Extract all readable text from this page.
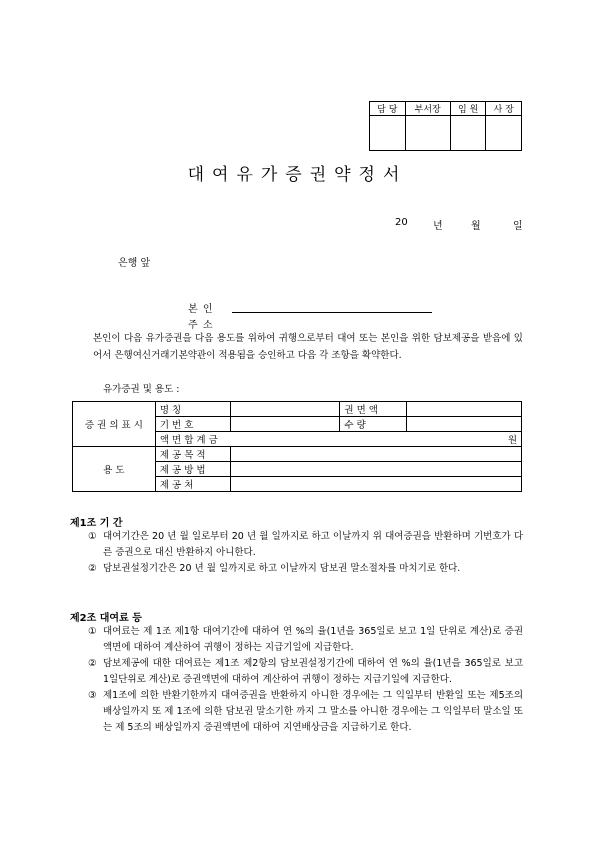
담 당	부서장	임 원	사 장

대여유가증권약정서
20	년	월	일
은행 앞
본 인
주 소
본인이 다음 유가증권을 다음 용도를 위하여 귀행으로부터 대여 또는 본인을 위한 담보제공을 받음에 있어서 은행여신거래기본약관이 적용됨을 승인하고 다음 각 조항을 확약한다.
유가증권 및 용도 :
증 권 의 표 시	명 칭		권 면 액	
	기 번 호		수 량	

	액 면 합 계 금 원			

용 도	제 공 목 적			
	제 공 방 법			
	제 공 처			
제1조 기 간
① 대여기간은 20 년 월 일로부터 20 년 월 일까지로 하고 이날까지 위 대여증권을 반환하며 기번호가 다른 증권으로 대신 반환하지 아니한다.
② 담보권설정기간은 20 년 월 일까지로 하고 이날까지 담보권 말소절차를 마치기로 한다.
제2조 대여료 등
① 대여료는 제 1조 제1항 대여기간에 대하여 연 %의 율(1년을 365일로 보고 1일 단위로 계산)로 증권액면에 대하여 계산하여 귀행이 정하는 지급기일에 지급한다.
② 담보제공에 대한 대여료는 제1조 제2항의 담보권설정기간에 대하여 연 %의 율(1년을 365일로 보고 1일단위로 계산)로 증권액면에 대하여 계산하여 귀행이 정하는 지급기일에 지급한다.
③ 제1조에 의한 반환기한까지 대여증권을 반환하지 아니한 경우에는 그 익일부터 반환일 또는 제5조의 배상일까지 또 제 1조에 의한 담보권 말소기한 까지 그 말소를 아니한 경우에는 그 익일부터 말소일 또는 제 5조의 배상일까지 증권액면에 대하여 지연배상금을 지급하기로 한다.
